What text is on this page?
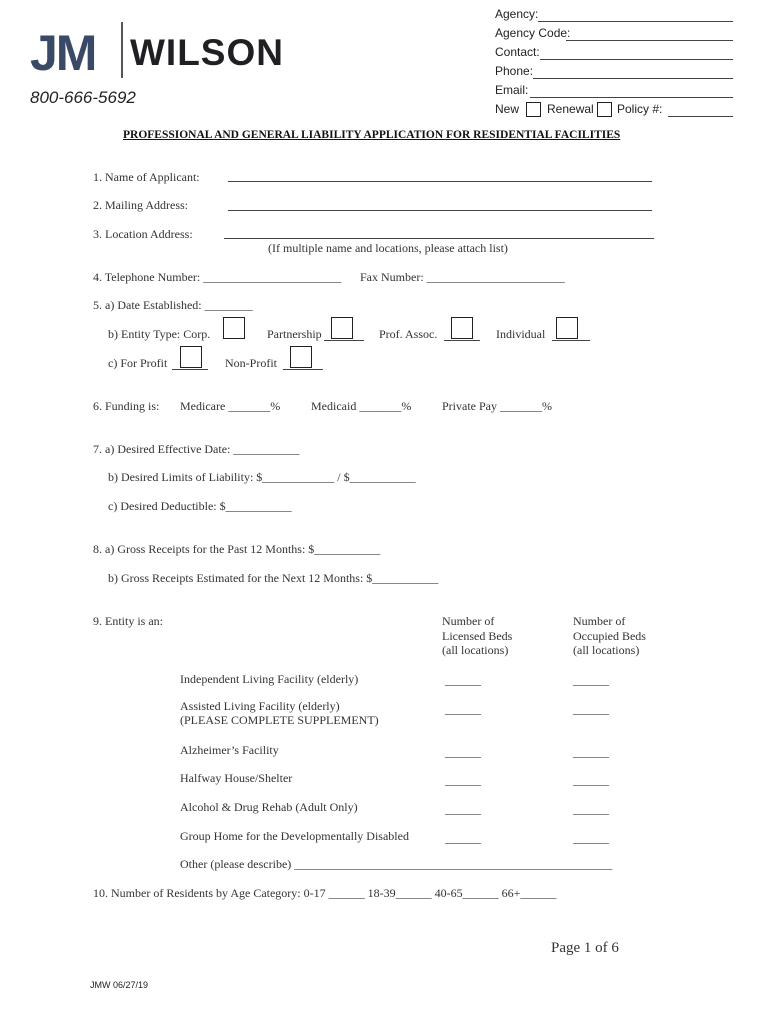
JM WILSON
800-666-5692
Agency:
Agency Code:
Contact:
Phone:
Email:
New Renewal Policy #:
PROFESSIONAL AND GENERAL LIABILITY APPLICATION FOR RESIDENTIAL FACILITIES
1. Name of Applicant:
2. Mailing Address:
3. Location Address:
(If multiple name and locations, please attach list)
4. Telephone Number: _______________________ Fax Number: _______________________
5. a) Date Established: ________
b) Entity Type: Corp.	Partnership	Prof. Assoc.	Individual
c) For Profit	Non-Profit
6. Funding is: Medicare _______%	Medicaid _______%	Private Pay _______%
7. a) Desired Effective Date: ___________
b) Desired Limits of Liability: $____________ / $___________
c) Desired Deductible: $___________
8. a) Gross Receipts for the Past 12 Months: $___________
b) Gross Receipts Estimated for the Next 12 Months: $___________
9. Entity is an:	Number of
Licensed Beds
(all locations)
Number of
Occupied Beds
(all locations)
Independent Living Facility (elderly)	______	______
Assisted Living Facility (elderly)
(PLEASE COMPLETE SUPPLEMENT)
______	______
Alzheimer’s Facility	______	______
Halfway House/Shelter	______	______
Alcohol & Drug Rehab (Adult Only)	______	______
Group Home for the Developmentally Disabled	______	______
Other (please describe) _____________________________________________________
10. Number of Residents by Age Category: 0-17 ______ 18-39______ 40-65______ 66+______
Page 1 of 6
JMW 06/27/19
